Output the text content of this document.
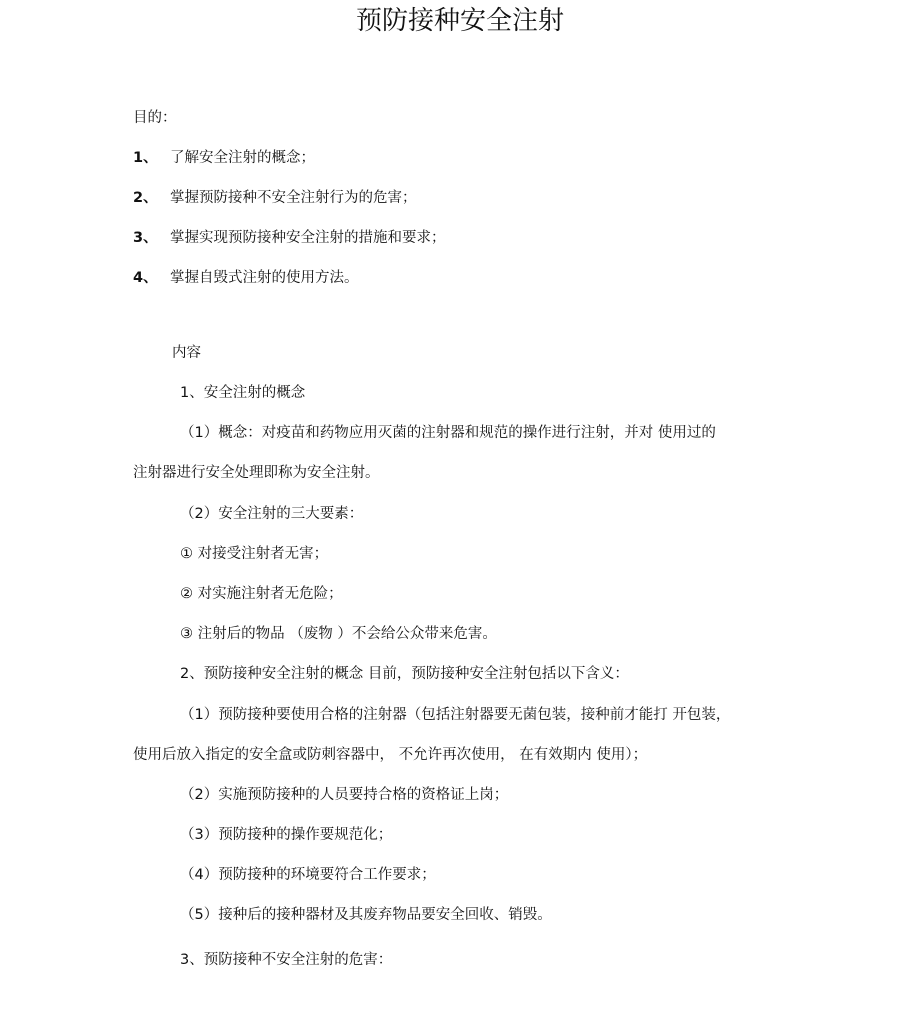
预防接种安全注射
目的：
1、 了解安全注射的概念；
2、 掌握预防接种不安全注射行为的危害；
3、 掌握实现预防接种安全注射的措施和要求；
4、 掌握自毁式注射的使用方法。
内容
1、安全注射的概念
（1）概念：对疫苗和药物应用灭菌的注射器和规范的操作进行注射，并对 使用过的
注射器进行安全处理即称为安全注射。
（2）安全注射的三大要素：
① 对接受注射者无害；
② 对实施注射者无危险；
③ 注射后的物品 （废物 ）不会给公众带来危害。
2、预防接种安全注射的概念 目前，预防接种安全注射包括以下含义：
（1）预防接种要使用合格的注射器（包括注射器要无菌包装，接种前才能打 开包装，
使用后放入指定的安全盒或防刺容器中， 不允许再次使用， 在有效期内 使用）；
（2）实施预防接种的人员要持合格的资格证上岗；
（3）预防接种的操作要规范化；
（4）预防接种的环境要符合工作要求；
（5）接种后的接种器材及其废弃物品要安全回收、销毁。
3、预防接种不安全注射的危害：
